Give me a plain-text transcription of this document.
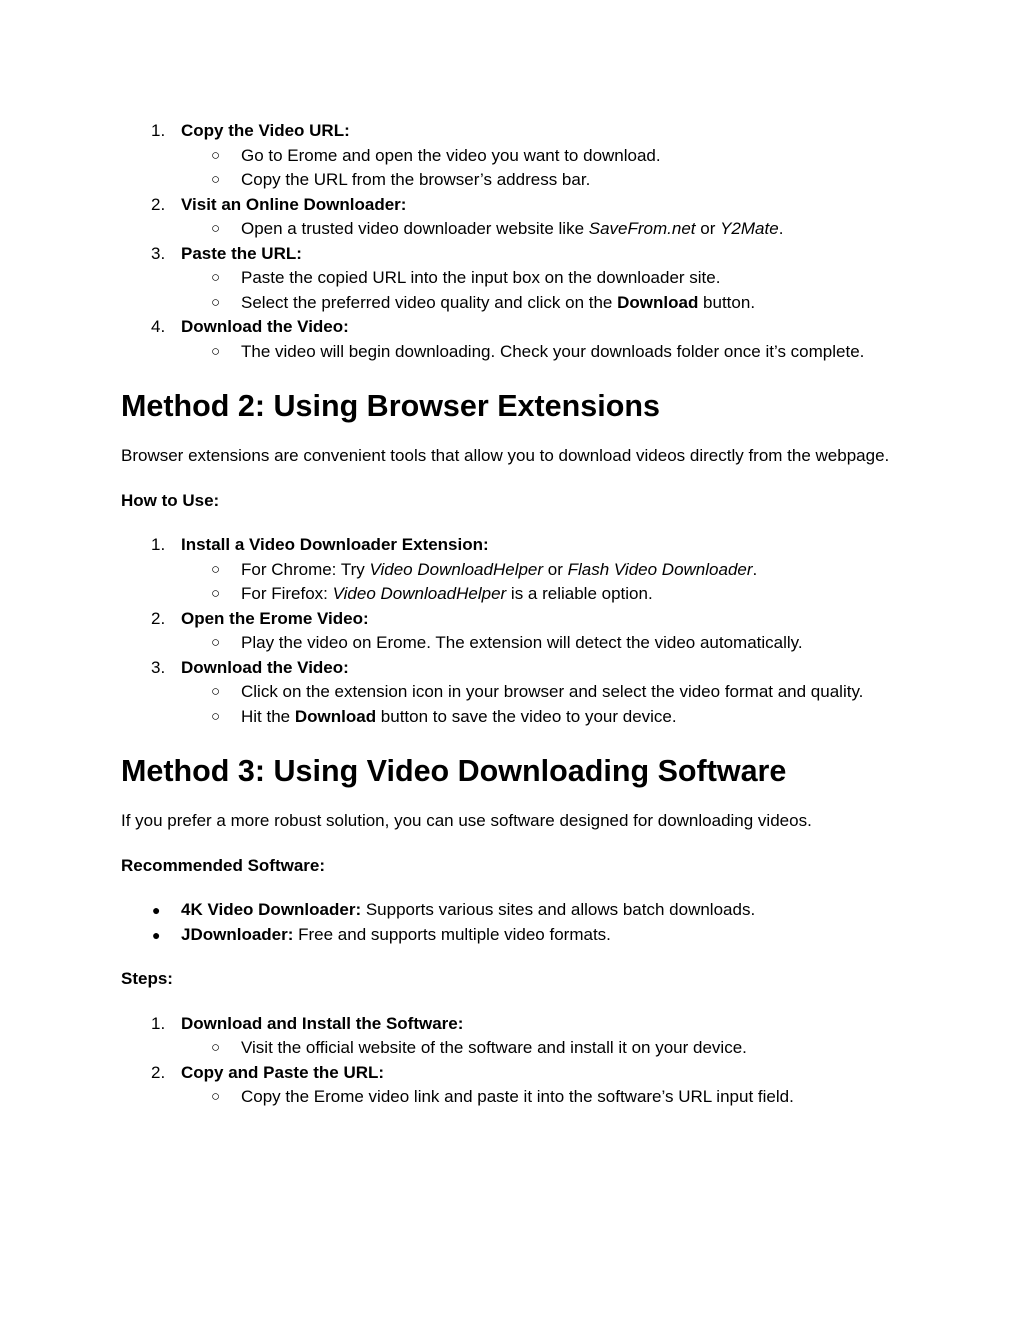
1. Copy the Video URL:
○	Go to Erome and open the video you want to download.
○	Copy the URL from the browser’s address bar.
2. Visit an Online Downloader:
○	Open a trusted video downloader website like SaveFrom.net or Y2Mate.
3. Paste the URL:
○	Paste the copied URL into the input box on the downloader site.
○	Select the preferred video quality and click on the Download button.
4. Download the Video:
○	The video will begin downloading. Check your downloads folder once it’s complete.
Method 2: Using Browser Extensions

Browser extensions are convenient tools that allow you to download videos directly from the webpage.

How to Use:

1. Install a Video Downloader Extension:
○	For Chrome: Try Video DownloadHelper or Flash Video Downloader.
○	For Firefox: Video DownloadHelper is a reliable option.
2. Open the Erome Video:
○	Play the video on Erome. The extension will detect the video automatically.
3. Download the Video:
○	Click on the extension icon in your browser and select the video format and quality.
○	Hit the Download button to save the video to your device.
Method 3: Using Video Downloading Software

If you prefer a more robust solution, you can use software designed for downloading videos.

Recommended Software:

● 4K Video Downloader: Supports various sites and allows batch downloads.
● JDownloader: Free and supports multiple video formats.

Steps:

1. Download and Install the Software:
○	Visit the official website of the software and install it on your device.
2. Copy and Paste the URL:
○	Copy the Erome video link and paste it into the software’s URL input field.
